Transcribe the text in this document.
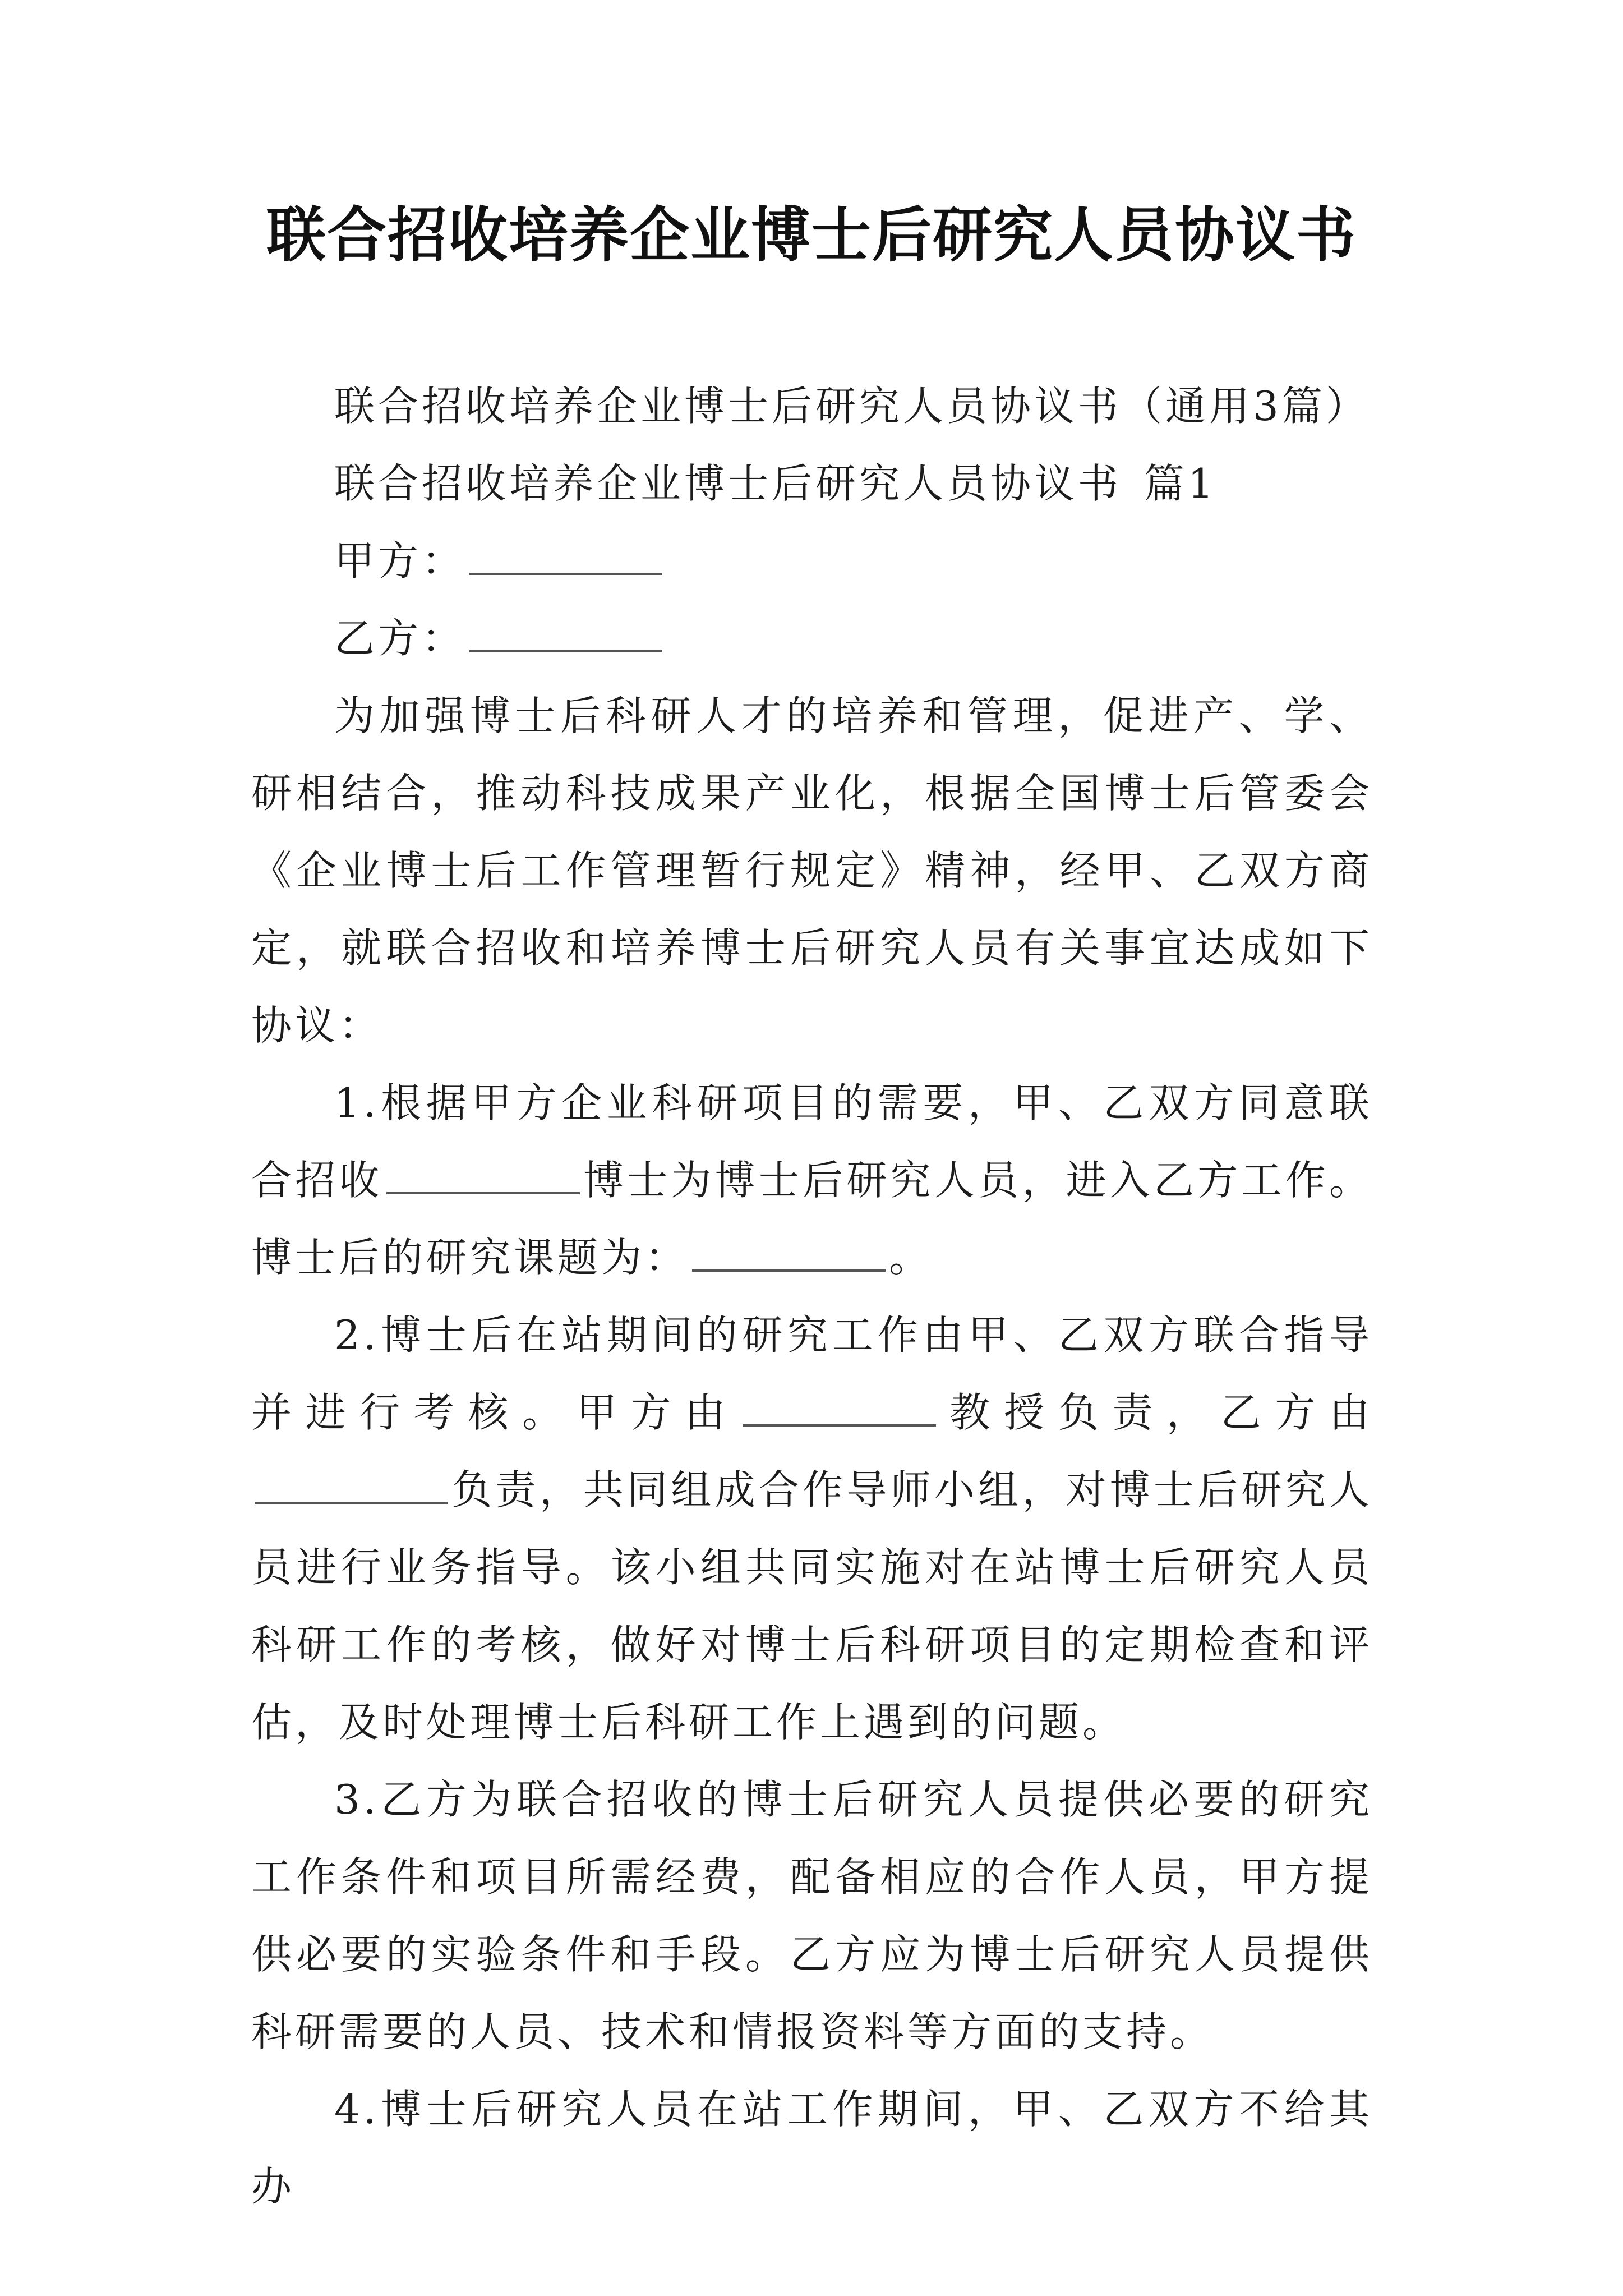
联合招收培养企业博士后研究人员协议书

联合招收培养企业博士后研究人员协议书（通用3篇）

联合招收培养企业博士后研究人员协议书 篇1

甲方：

乙方：

为加强博士后科研人才的培养和管理，促进产、学、研相结合，推动科技成果产业化，根据全国博士后管委会《企业博士后工作管理暂行规定》精神，经甲、乙双方商定，就联合招收和培养博士后研究人员有关事宜达成如下协议：

1.根据甲方企业科研项目的需要，甲、乙双方同意联合招收	博士为博士后研究人员，进入乙方工作。博士后的研究课题为：	。

2.博士后在站期间的研究工作由甲、乙双方联合指导并进行考核。甲方由	教授负责，乙方由负责，共同组成合作导师小组，对博士后研究人员进行业务指导。该小组共同实施对在站博士后研究人员科研工作的考核，做好对博士后科研项目的定期检查和评估，及时处理博士后科研工作上遇到的问题。

3.乙方为联合招收的博士后研究人员提供必要的研究工作条件和项目所需经费，配备相应的合作人员，甲方提供必要的实验条件和手段。乙方应为博士后研究人员提供科研需要的人员、技术和情报资料等方面的支持。

4.博士后研究人员在站工作期间，甲、乙双方不给其办
